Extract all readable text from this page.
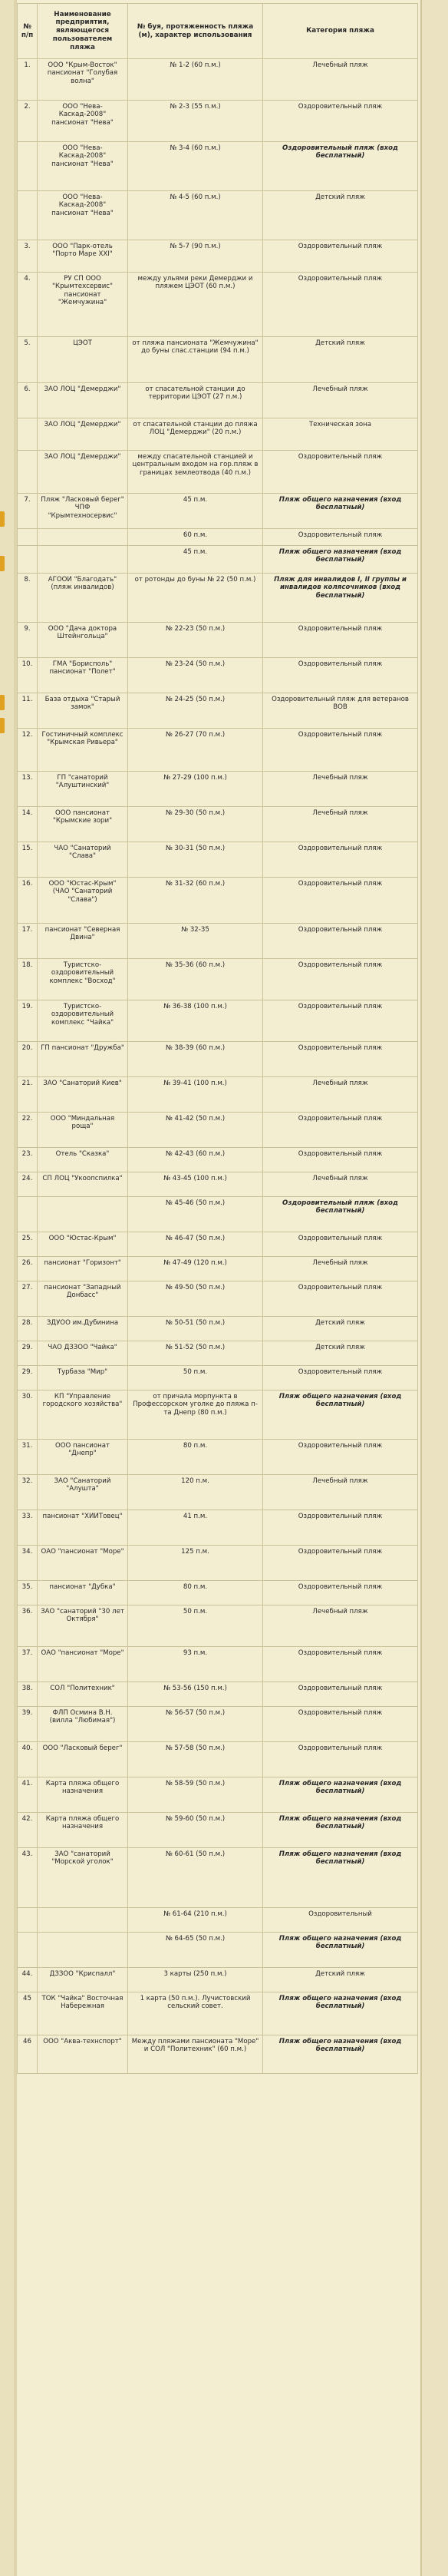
№ п/п	Наименование предприятия, являющегося пользователем пляжа	№ буя, протяженность пляжа (м), характер использования	Категория пляжа
1.	ООО "Крым-Восток" пансионат "Голубая волна"	№ 1-2 (60 п.м.)	Лечебный пляж
2.	ООО "Нева-Каскад-2008" пансионат "Нева"	№ 2-3 (55 п.м.)	Оздоровительный пляж
	ООО "Нева-Каскад-2008" пансионат "Нева"	№ 3-4 (60 п.м.)	Оздоровительный пляж (вход бесплатный)
	ООО "Нева-Каскад-2008" пансионат "Нева"	№ 4-5 (60 п.м.)	Детский пляж
3.	ООО "Парк-отель "Порто Маре XXI"	№ 5-7 (90 п.м.)	Оздоровительный пляж
4.	РУ СП ООО "Крымтехсервис" пансионат "Жемчужина"	между ульями реки Демерджи и пляжем ЦЭОТ (60 п.м.)	Оздоровительный пляж
5.	ЦЭОТ	от пляжа пансионата "Жемчужина" до буны спас.станции (94 п.м.)	Детский пляж
6.	ЗАО ЛОЦ "Демерджи"	от спасательной станции до территории ЦЭОТ (27 п.м.)	Лечебный пляж
	ЗАО ЛОЦ "Демерджи"	от спасательной станции до пляжа ЛОЦ "Демерджи" (20 п.м.)	Техническая зона
	ЗАО ЛОЦ "Демерджи"	между спасательной станцией и центральным входом на гор.пляж в границах землеотвода (40 п.м.)	Оздоровительный пляж
7.	Пляж "Ласковый берег" ЧПФ "Крымтехносервис"	45 п.м.	Пляж общего назначения (вход бесплатный)
		60 п.м.	Оздоровительный пляж
		45 п.м.	Пляж общего назначения (вход бесплатный)
8.	АГООИ "Благодать" (пляж инвалидов)	от ротонды до буны № 22 (50 п.м.)	Пляж для инвалидов I, II группы и инвалидов колясочников (вход бесплатный)
9.	ООО "Дача доктора Штейнгольца"	№ 22-23 (50 п.м.)	Оздоровительный пляж
10.	ГМА "Борисполь" пансионат "Полет"	№ 23-24 (50 п.м.)	Оздоровительный пляж
11.	База отдыха "Старый замок"	№ 24-25 (50 п.м.)	Оздоровительный пляж для ветеранов ВОВ
12.	Гостиничный комплекс "Крымская Ривьера"	№ 26-27 (70 п.м.)	Оздоровительный пляж
13.	ГП "санаторий "Алуштинский"	№ 27-29 (100 п.м.)	Лечебный пляж
14.	ООО пансионат "Крымские зори"	№ 29-30 (50 п.м.)	Лечебный пляж
15.	ЧАО "Санаторий "Слава"	№ 30-31 (50 п.м.)	Оздоровительный пляж
16.	ООО "Юстас-Крым" (ЧАО "Санаторий "Слава")	№ 31-32 (60 п.м.)	Оздоровительный пляж
17.	пансионат "Северная Двина"	№ 32-35	Оздоровительный пляж
18.	Туристско-оздоровительный комплекс "Восход"	№ 35-36 (60 п.м.)	Оздоровительный пляж
19.	Туристско-оздоровительный комплекс "Чайка"	№ 36-38 (100 п.м.)	Оздоровительный пляж
20.	ГП пансионат "Дружба"	№ 38-39 (60 п.м.)	Оздоровительный пляж
21.	ЗАО "Санаторий Киев"	№ 39-41 (100 п.м.)	Лечебный пляж
22.	ООО "Миндальная роща"	№ 41-42 (50 п.м.)	Оздоровительный пляж
23.	Отель "Сказка"	№ 42-43 (60 п.м.)	Оздоровительный пляж
24.	СП ЛОЦ "Укоопспилка"	№ 43-45 (100 п.м.)	Лечебный пляж
		№ 45-46 (50 п.м.)	Оздоровительный пляж (вход бесплатный)
25.	ООО "Юстас-Крым"	№ 46-47 (50 п.м.)	Оздоровительный пляж
26.	пансионат "Горизонт"	№ 47-49 (120 п.м.)	Лечебный пляж
27.	пансионат "Западный Донбасс"	№ 49-50 (50 п.м.)	Оздоровительный пляж
28.	ЗДУОО им.Дубинина	№ 50-51 (50 п.м.)	Детский пляж
29.	ЧАО ДЗЗОО "Чайка"	№ 51-52 (50 п.м.)	Детский пляж
29.	Турбаза "Мир"	50 п.м.	Оздоровительный пляж
30.	КП "Управление городского хозяйства"	от причала морпункта в Профессорском уголке до пляжа п-та Днепр (80 п.м.)	Пляж общего назначения (вход бесплатный)
31.	ООО пансионат "Днепр"	80 п.м.	Оздоровительный пляж
32.	ЗАО "Санаторий "Алушта"	120 п.м.	Лечебный пляж
33.	пансионат "ХИИТовец"	41 п.м.	Оздоровительный пляж
34.	ОАО "пансионат "Море"	125 п.м.	Оздоровительный пляж
35.	пансионат "Дубка"	80 п.м.	Оздоровительный пляж
36.	ЗАО "санаторий "30 лет Октября"	50 п.м.	Лечебный пляж
37.	ОАО "пансионат "Море"	93 п.м.	Оздоровительный пляж
38.	СОЛ "Политехник"	№ 53-56 (150 п.м.)	Оздоровительный пляж
39.	ФЛП Осмина В.Н. (вилла "Любимая")	№ 56-57 (50 п.м.)	Оздоровительный пляж
40.	ООО "Ласковый берег"	№ 57-58 (50 п.м.)	Оздоровительный пляж
41.	Карта пляжа общего назначения	№ 58-59 (50 п.м.)	Пляж общего назначения (вход бесплатный)
42.	Карта пляжа общего назначения	№ 59-60 (50 п.м.)	Пляж общего назначения (вход бесплатный)
43.	ЗАО "санаторий "Морской уголок"	№ 60-61 (50 п.м.)	Пляж общего назначения (вход бесплатный)
		№ 61-64 (210 п.м.)	Оздоровительный
		№ 64-65 (50 п.м.)	Пляж общего назначения (вход бесплатный)
44.	ДЗЗОО "Криспалл"	3 карты (250 п.м.)	Детский пляж
45	ТОК "Чайка" Восточная Набережная	1 карта (50 п.м.). Лучистовский сельский совет.	Пляж общего назначения (вход бесплатный)
46	ООО "Аква-технспорт"	Между пляжами пансионата "Море" и СОЛ "Политехник" (60 п.м.)	Пляж общего назначения (вход бесплатный)
